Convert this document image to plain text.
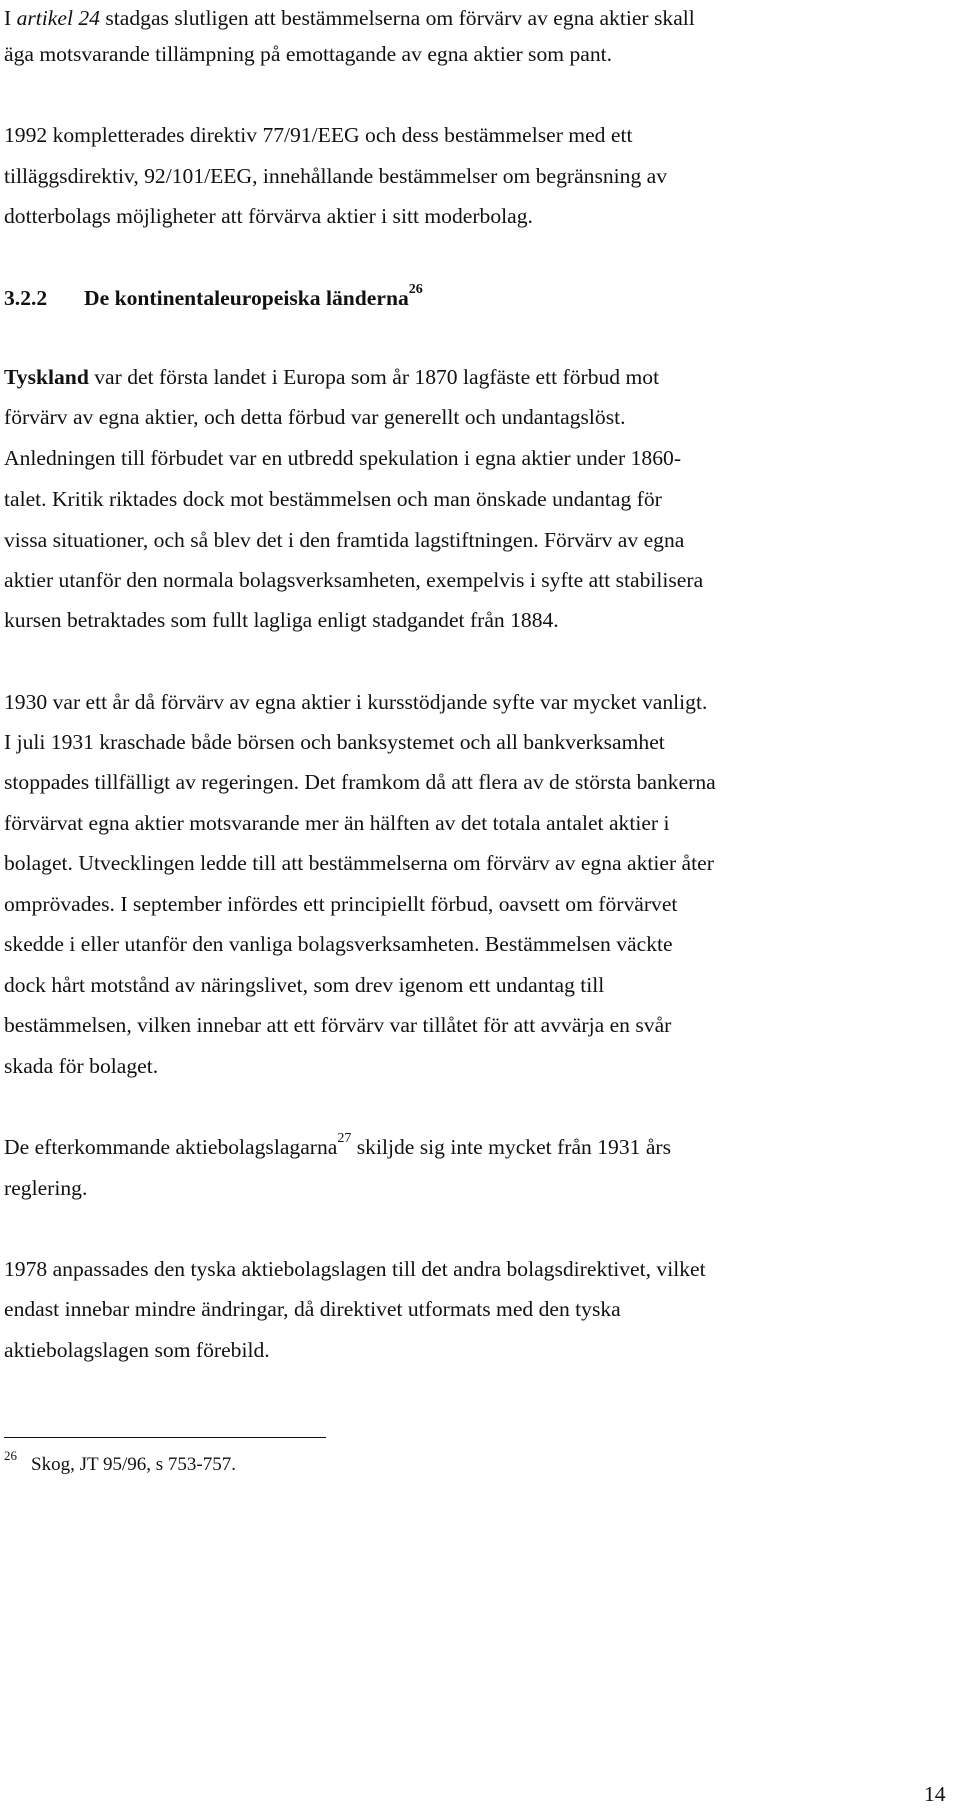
I artikel 24 stadgas slutligen att bestämmelserna om förvärv av egna aktier skall
äga motsvarande tillämpning på emottagande av egna aktier som pant.
1992 kompletterades direktiv 77/91/EEG och dess bestämmelser med ett
tilläggsdirektiv, 92/101/EEG, innehållande bestämmelser om begränsning av
dotterbolags möjligheter att förvärva aktier i sitt moderbolag.
3.2.2 De kontinentaleuropeiska länderna$^{26}$
Tyskland var det första landet i Europa som år 1870 lagfäste ett förbud mot
förvärv av egna aktier, och detta förbud var generellt och undantagslöst.
Anledningen till förbudet var en utbredd spekulation i egna aktier under 1860-
talet. Kritik riktades dock mot bestämmelsen och man önskade undantag för
vissa situationer, och så blev det i den framtida lagstiftningen. Förvärv av egna
aktier utanför den normala bolagsverksamheten, exempelvis i syfte att stabilisera
kursen betraktades som fullt lagliga enligt stadgandet från 1884.
1930 var ett år då förvärv av egna aktier i kursstödjande syfte var mycket vanligt.
I juli 1931 kraschade både börsen och banksystemet och all bankverksamhet
stoppades tillfälligt av regeringen. Det framkom då att flera av de största bankerna
förvärvat egna aktier motsvarande mer än hälften av det totala antalet aktier i
bolaget. Utvecklingen ledde till att bestämmelserna om förvärv av egna aktier åter
omprövades. I september infördes ett principiellt förbud, oavsett om förvärvet
skedde i eller utanför den vanliga bolagsverksamheten. Bestämmelsen väckte
dock hårt motstånd av näringslivet, som drev igenom ett undantag till
bestämmelsen, vilken innebar att ett förvärv var tillåtet för att avvärja en svår
skada för bolaget.
De efterkommande aktiebolagslagarna$^{27}$ skiljde sig inte mycket från 1931 års
reglering.
1978 anpassades den tyska aktiebolagslagen till det andra bolagsdirektivet, vilket
endast innebar mindre ändringar, då direktivet utformats med den tyska
aktiebolagslagen som förebild.
$^{26}$ Skog, JT 95/96, s 753-757.
14
